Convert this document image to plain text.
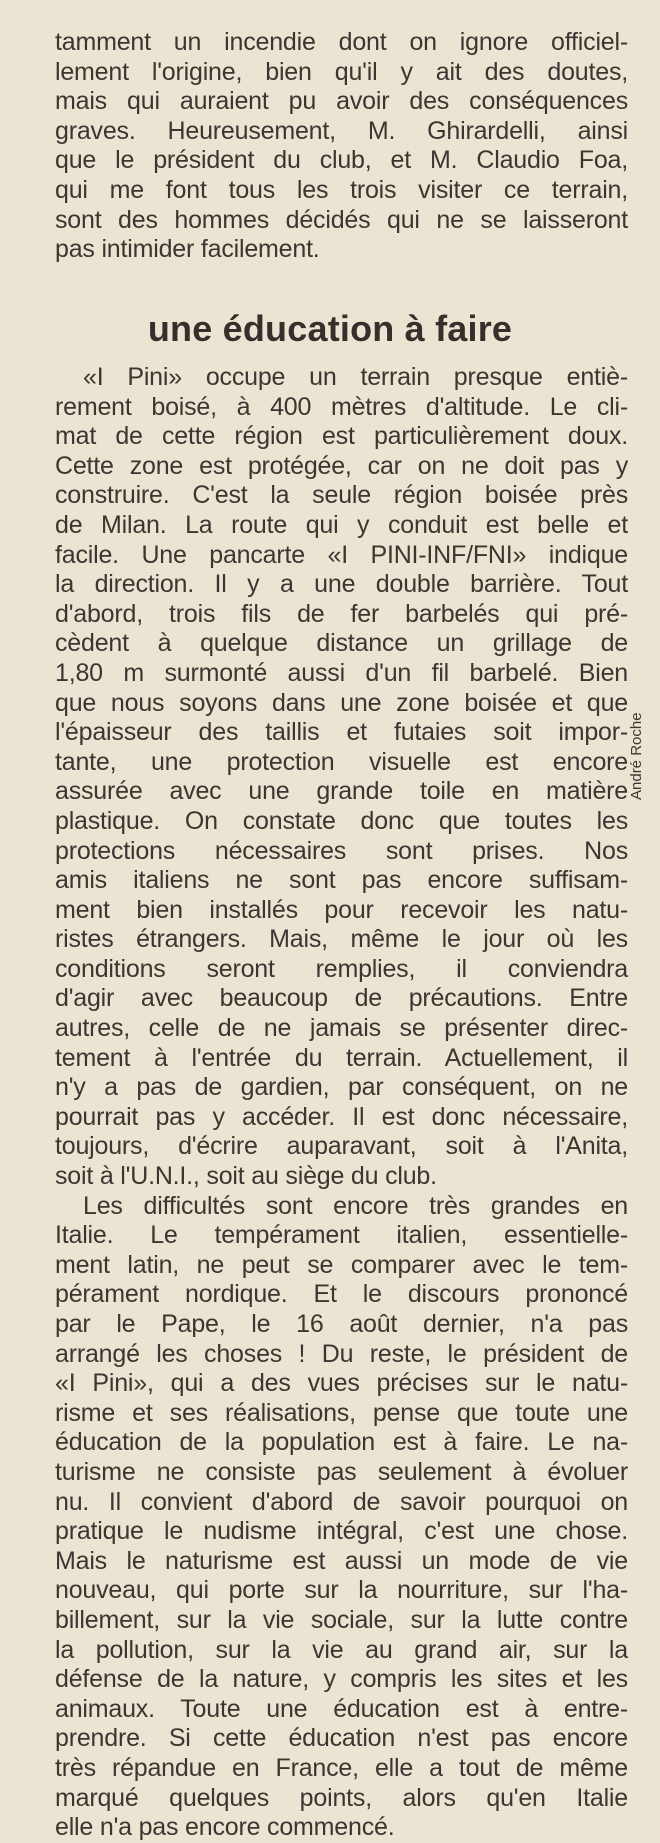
tamment un incendie dont on ignore officiel-
lement l'origine, bien qu'il y ait des doutes,
mais qui auraient pu avoir des conséquences
graves. Heureusement, M. Ghirardelli, ainsi
que le président du club, et M. Claudio Foa,
qui me font tous les trois visiter ce terrain,
sont des hommes décidés qui ne se laisseront
pas intimider facilement.
une éducation à faire
«I Pini» occupe un terrain presque entiè-
rement boisé, à 400 mètres d'altitude. Le cli-
mat de cette région est particulièrement doux.
Cette zone est protégée, car on ne doit pas y
construire. C'est la seule région boisée près
de Milan. La route qui y conduit est belle et
facile. Une pancarte «I PINI-INF/FNI» indique
la direction. Il y a une double barrière. Tout
d'abord, trois fils de fer barbelés qui pré-
cèdent à quelque distance un grillage de
1,80 m surmonté aussi d'un fil barbelé. Bien
que nous soyons dans une zone boisée et que
l'épaisseur des taillis et futaies soit impor-
tante, une protection visuelle est encore
assurée avec une grande toile en matière
plastique. On constate donc que toutes les
protections nécessaires sont prises. Nos
amis italiens ne sont pas encore suffisam-
ment bien installés pour recevoir les natu-
ristes étrangers. Mais, même le jour où les
conditions seront remplies, il conviendra
d'agir avec beaucoup de précautions. Entre
autres, celle de ne jamais se présenter direc-
tement à l'entrée du terrain. Actuellement, il
n'y a pas de gardien, par conséquent, on ne
pourrait pas y accéder. Il est donc nécessaire,
toujours, d'écrire auparavant, soit à l'Anita,
soit à l'U.N.I., soit au siège du club.
Les difficultés sont encore très grandes en
Italie. Le tempérament italien, essentielle-
ment latin, ne peut se comparer avec le tem-
pérament nordique. Et le discours prononcé
par le Pape, le 16 août dernier, n'a pas
arrangé les choses ! Du reste, le président de
«I Pini», qui a des vues précises sur le natu-
risme et ses réalisations, pense que toute une
éducation de la population est à faire. Le na-
turisme ne consiste pas seulement à évoluer
nu. Il convient d'abord de savoir pourquoi on
pratique le nudisme intégral, c'est une chose.
Mais le naturisme est aussi un mode de vie
nouveau, qui porte sur la nourriture, sur l'ha-
billement, sur la vie sociale, sur la lutte contre
la pollution, sur la vie au grand air, sur la
défense de la nature, y compris les sites et les
animaux. Toute une éducation est à entre-
prendre. Si cette éducation n'est pas encore
très répandue en France, elle a tout de même
marqué quelques points, alors qu'en Italie
elle n'a pas encore commencé.
André Roche
